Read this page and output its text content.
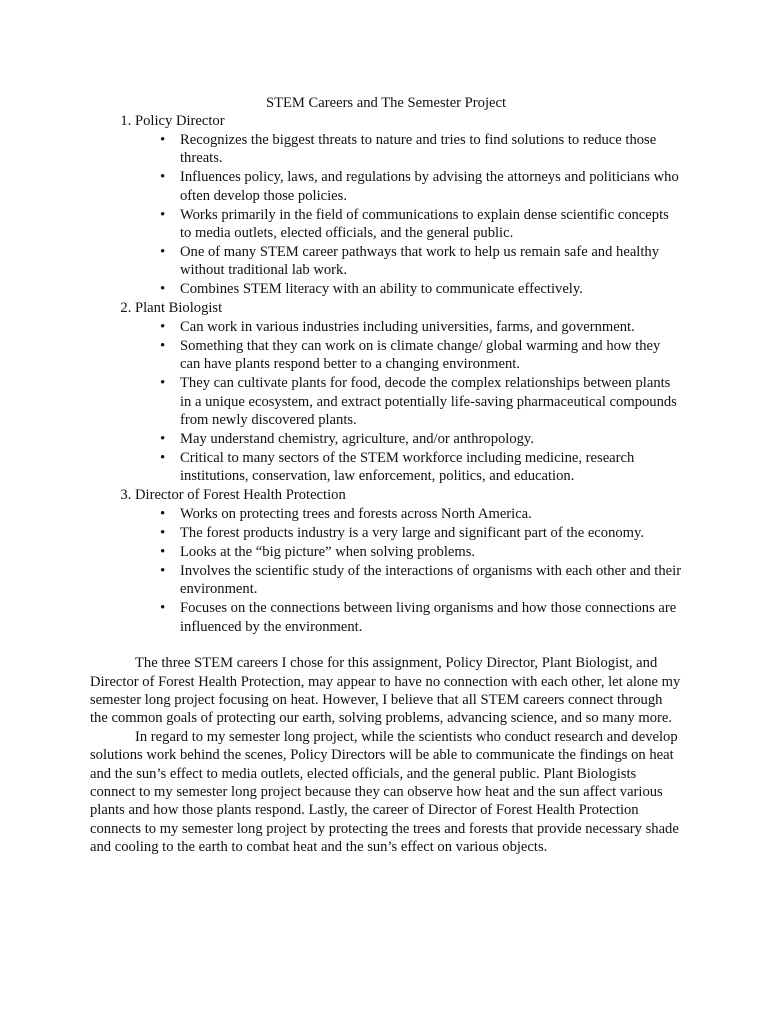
STEM Careers and The Semester Project
1. Policy Director
• Recognizes the biggest threats to nature and tries to find solutions to reduce those threats.
• Influences policy, laws, and regulations by advising the attorneys and politicians who often develop those policies.
• Works primarily in the field of communications to explain dense scientific concepts to media outlets, elected officials, and the general public.
• One of many STEM career pathways that work to help us remain safe and healthy without traditional lab work.
• Combines STEM literacy with an ability to communicate effectively.
2. Plant Biologist
• Can work in various industries including universities, farms, and government.
• Something that they can work on is climate change/ global warming and how they can have plants respond better to a changing environment.
• They can cultivate plants for food, decode the complex relationships between plants in a unique ecosystem, and extract potentially life-saving pharmaceutical compounds from newly discovered plants.
• May understand chemistry, agriculture, and/or anthropology.
• Critical to many sectors of the STEM workforce including medicine, research institutions, conservation, law enforcement, politics, and education.
3. Director of Forest Health Protection
• Works on protecting trees and forests across North America.
• The forest products industry is a very large and significant part of the economy.
• Looks at the “big picture” when solving problems.
• Involves the scientific study of the interactions of organisms with each other and their environment.
• Focuses on the connections between living organisms and how those connections are influenced by the environment.

The three STEM careers I chose for this assignment, Policy Director, Plant Biologist, and Director of Forest Health Protection, may appear to have no connection with each other, let alone my semester long project focusing on heat. However, I believe that all STEM careers connect through the common goals of protecting our earth, solving problems, advancing science, and so many more.

In regard to my semester long project, while the scientists who conduct research and develop solutions work behind the scenes, Policy Directors will be able to communicate the findings on heat and the sun’s effect to media outlets, elected officials, and the general public. Plant Biologists connect to my semester long project because they can observe how heat and the sun affect various plants and how those plants respond. Lastly, the career of Director of Forest Health Protection connects to my semester long project by protecting the trees and forests that provide necessary shade and cooling to the earth to combat heat and the sun’s effect on various objects.
